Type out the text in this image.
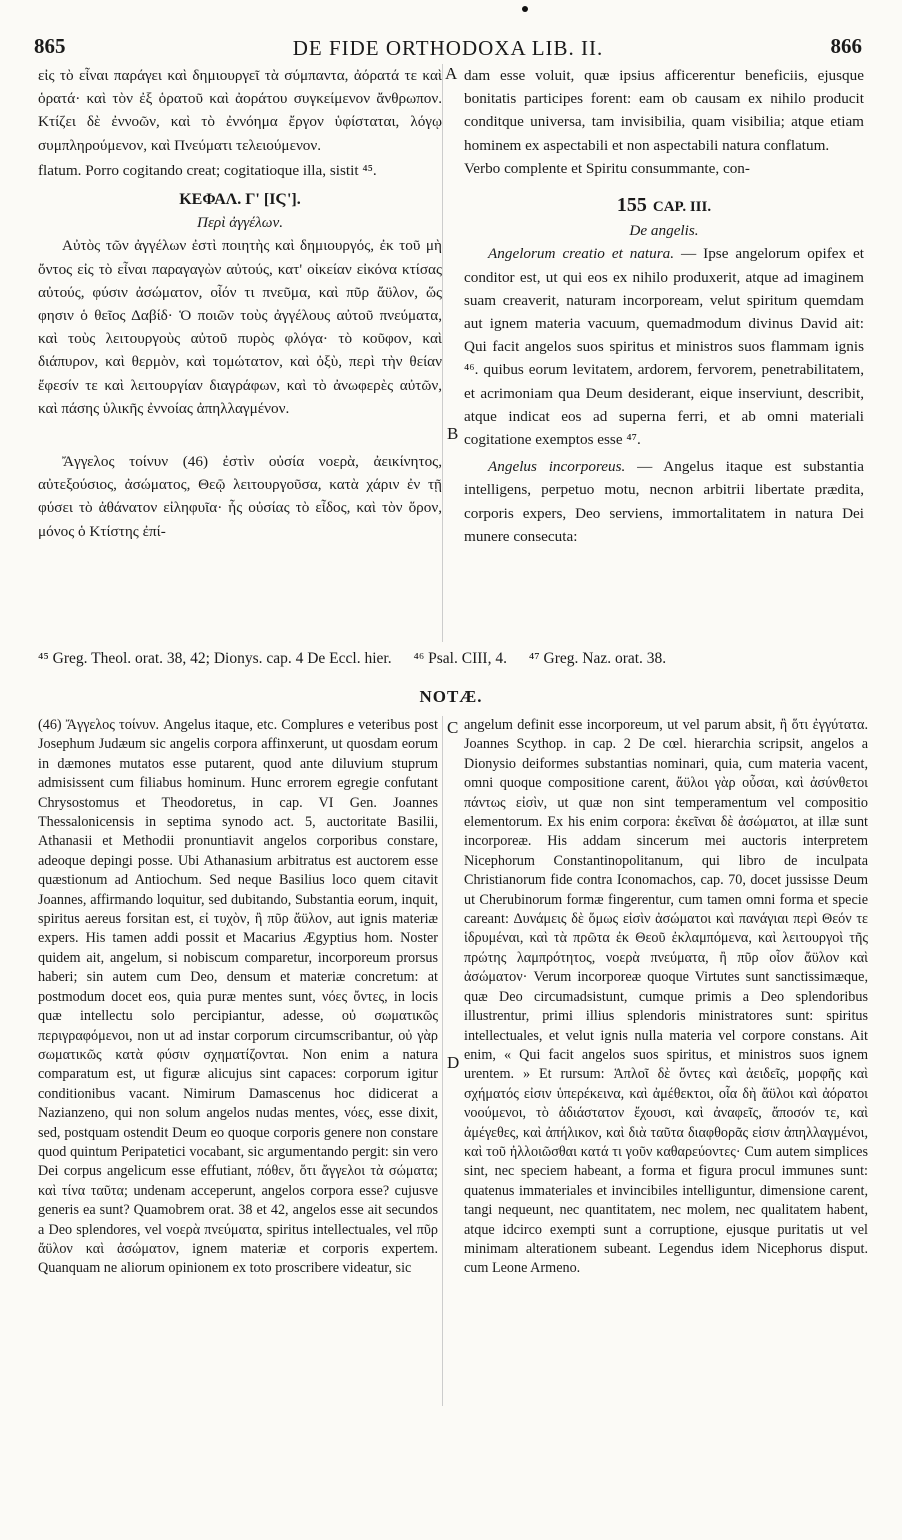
865	DE FIDE ORTHODOXA LIB. II.	866

εἰς τὸ εἶναι παράγει καὶ δημιουργεῖ τὰ σύμπαντα, ἀόρατά τε καὶ ὁρατά· καὶ τὸν ἐξ ὁρατοῦ καὶ ἀοράτου συγκείμενον ἄνθρωπον. Κτίζει δὲ ἐννοῶν, καὶ τὸ ἐννόημα ἔργον ὑφίσταται, λόγῳ συμπληρούμενον, καὶ Πνεύματι τελειούμενον.

flatum. Porro cogitando creat; cogitatioque illa, sistit ⁴⁵.

ΚΕΦΑΛ. Γ' [ΙϚ'].
Περὶ ἀγγέλων.

Αὐτὸς τῶν ἀγγέλων ἐστὶ ποιητὴς καὶ δημιουργός, ἐκ τοῦ μὴ ὄντος εἰς τὸ εἶναι παραγαγὼν αὐτούς, κατ' οἰκείαν εἰκόνα κτίσας αὐτούς, φύσιν ἀσώματον, οἷόν τι πνεῦμα, καὶ πῦρ ἄϋλον, ὥς φησιν ὁ θεῖος Δαβίδ· Ὁ ποιῶν τοὺς ἀγγέλους αὐτοῦ πνεύματα, καὶ τοὺς λειτουργοὺς αὐτοῦ πυρὸς φλόγα· τὸ κοῦφον, καὶ διάπυρον, καὶ θερμὸν, καὶ τομώτατον, καὶ ὀξὺ, περὶ τὴν θείαν ἔφεσίν τε καὶ λειτουργίαν διαγράφων, καὶ τὸ ἀνωφερὲς αὐτῶν, καὶ πάσης ὑλικῆς ἐννοίας ἀπηλλαγμένον.

Ἄγγελος τοίνυν (46) ἐστὶν οὐσία νοερὰ, ἀεικίνητος, αὐτεξούσιος, ἀσώματος, Θεῷ λειτουργοῦσα, κατὰ χάριν ἐν τῇ φύσει τὸ ἀθάνατον εἰληφυῖα· ἧς οὐσίας τὸ εἶδος, καὶ τὸν ὅρον, μόνος ὁ Κτίστης ἐπί-

dam esse voluit, quæ ipsius afficerentur beneficiis, ejusque bonitatis participes forent: eam ob causam ex nihilo producit conditque universa, tam invisibilia, quam visibilia; atque etiam hominem ex aspectabili et non aspectabili natura conflatum.

Verbo complente et Spiritu consummante, con-

155 CAP. III.
De angelis.

Angelorum creatio et natura. — Ipse angelorum opifex et conditor est, ut qui eos ex nihilo produxerit, atque ad imaginem suam creaverit, naturam incorpoream, velut spiritum quemdam aut ignem materia vacuum, quemadmodum divinus David ait: Qui facit angelos suos spiritus et ministros suos flammam ignis ⁴⁶. quibus eorum levitatem, ardorem, fervorem, penetrabilitatem, et acrimoniam qua Deum desiderant, eique inserviunt, describit, atque indicat eos ad superna ferri, et ab omni materiali cogitatione exemptos esse ⁴⁷.

Angelus incorporeus. — Angelus itaque est substantia intelligens, perpetuo motu, necnon arbitrii libertate prædita, corporis expers, Deo serviens, immortalitatem in natura Dei munere consecuta:

A
B
⁴⁵ Greg. Theol. orat. 38, 42; Dionys. cap. 4 De Eccl. hier. ⁴⁶ Psal. CIII, 4. ⁴⁷ Greg. Naz. orat. 38.
NOTÆ.
(46) Ἄγγελος τοίνυν. Angelus itaque, etc. Complures e veteribus post Josephum Judæum sic angelis corpora affinxerunt, ut quosdam eorum in dæmones mutatos esse putarent, quod ante diluvium stuprum admisissent cum filiabus hominum. Hunc errorem egregie confutant Chrysostomus et Theodoretus, in cap. VI Gen. Joannes Thessalonicensis in septima synodo act. 5, auctoritate Basilii, Athanasii et Methodii pronuntiavit angelos corporibus constare, adeoque depingi posse. Ubi Athanasium arbitratus est auctorem esse quæstionum ad Antiochum. Sed neque Basilius loco quem citavit Joannes, affirmando loquitur, sed dubitando, Substantia eorum, inquit, spiritus aereus forsitan est, εἰ τυχὸν, ἢ πῦρ ἄϋλον, aut ignis materiæ expers. His tamen addi possit et Macarius Ægyptius hom. Noster quidem ait, angelum, si nobiscum comparetur, incorporeum prorsus haberi; sin autem cum Deo, densum et materiæ concretum: at postmodum docet eos, quia puræ mentes sunt, νόες ὄντες, in locis quæ intellectu solo percipiantur, adesse, οὐ σωματικῶς περιγραφόμενοι, non ut ad instar corporum circumscribantur, οὐ γὰρ σωματικῶς κατὰ φύσιν σχηματίζονται. Non enim a natura comparatum est, ut figuræ alicujus sint capaces: corporum igitur conditionibus vacant. Nimirum Damascenus hoc didicerat a Nazianzeno, qui non solum angelos nudas mentes, νόες, esse dixit, sed, postquam ostendit Deum eo quoque corporis genere non constare quod quintum Peripatetici vocabant, sic argumentando pergit: sin vero Dei corpus angelicum esse effutiant, πόθεν, ὅτι ἄγγελοι τὰ σώματα; καὶ τίνα ταῦτα; undenam acceperunt, angelos corpora esse? cujusve generis ea sunt? Quamobrem orat. 38 et 42, angelos esse ait secundos a Deo splendores, vel νοερὰ πνεύματα, spiritus intellectuales, vel πῦρ ἄϋλον καὶ ἀσώματον, ignem materiæ et corporis expertem. Quanquam ne aliorum opinionem ex toto proscribere videatur, sic
angelum definit esse incorporeum, ut vel parum absit, ἢ ὅτι ἐγγύτατα. Joannes Scythop. in cap. 2 De cœl. hierarchia scripsit, angelos a Dionysio deiformes substantias nominari, quia, cum materia vacent, omni quoque compositione carent, ἄϋλοι γὰρ οὖσαι, καὶ ἀσύνθετοι πάντως εἰσὶν, ut quæ non sint temperamentum vel compositio elementorum. Ex his enim corpora: ἐκεῖναι δὲ ἀσώματοι, at illæ sunt incorporeæ. His addam sincerum mei auctoris interpretem Nicephorum Constantinopolitanum, qui libro de inculpata Christianorum fide contra Iconomachos, cap. 70, docet jussisse Deum ut Cherubinorum formæ fingerentur, cum tamen omni forma et specie careant: Δυνάμεις δὲ ὅμως εἰσὶν ἀσώματοι καὶ πανάγιαι περὶ Θεόν τε ἱδρυμέναι, καὶ τὰ πρῶτα ἐκ Θεοῦ ἐκλαμπόμενα, καὶ λειτουργοὶ τῆς πρώτης λαμπρότητος, νοερὰ πνεύματα, ἢ πῦρ οἷον ἄϋλον καὶ ἀσώματον· Verum incorporeæ quoque Virtutes sunt sanctissimæque, quæ Deo circumadsistunt, cumque primis a Deo splendoribus illustrentur, primi illius splendoris ministratores sunt: spiritus intellectuales, et velut ignis nulla materia vel corpore constans. Ait enim, « Qui facit angelos suos spiritus, et ministros suos ignem urentem. » Et rursum: Ἁπλοῖ δὲ ὄντες καὶ ἀειδεῖς, μορφῆς καὶ σχήματός εἰσιν ὑπερέκεινα, καὶ ἀμέθεκτοι, οἷα δὴ ἄϋλοι καὶ ἀόρατοι νοούμενοι, τὸ ἀδιάστατον ἔχουσι, καὶ ἀναφεῖς, ἄποσόν τε, καὶ ἀμέγεθες, καὶ ἀπήλικον, καὶ διὰ ταῦτα διαφθορᾶς εἰσιν ἀπηλλαγμένοι, καὶ τοῦ ἠλλοιῶσθαι κατά τι γοῦν καθαρεύοντες· Cum autem simplices sint, nec speciem habeant, a forma et figura procul immunes sunt: quatenus immateriales et invincibiles intelliguntur, dimensione carent, tangi nequeunt, nec quantitatem, nec molem, nec qualitatem habent, atque idcirco exempti sunt a corruptione, ejusque puritatis ut vel minimam alterationem subeant. Legendus idem Nicephorus disput. cum Leone Armeno.
C
D
